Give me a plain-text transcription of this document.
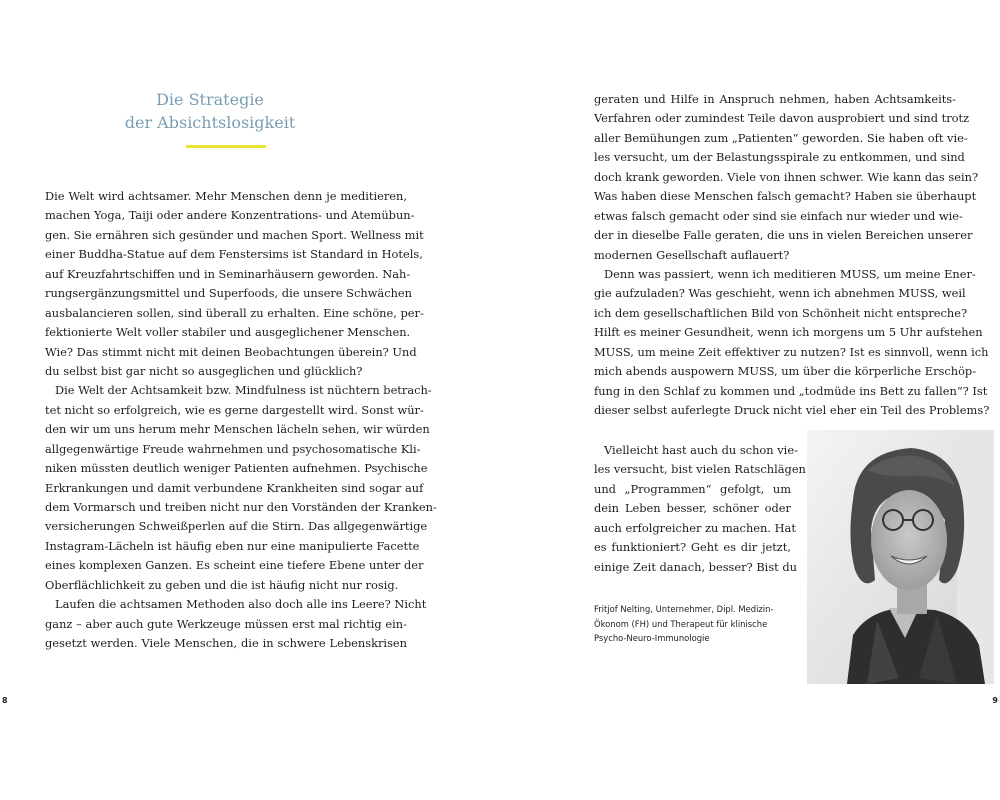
Die Strategie
der Absichtslosigkeit
Die Welt wird achtsamer. Mehr Menschen denn je meditieren,
machen Yoga, Taiji oder andere Konzentrations- und Atemübun-
gen. Sie ernähren sich gesünder und machen Sport. Wellness mit
einer Buddha-Statue auf dem Fenstersims ist Standard in Hotels,
auf Kreuzfahrtschiffen und in Seminarhäusern geworden. Nah-
rungsergänzungsmittel und Superfoods, die unsere Schwächen
ausbalancieren sollen, sind überall zu erhalten. Eine schöne, per-
fektionierte Welt voller stabiler und ausgeglichener Menschen.
Wie? Das stimmt nicht mit deinen Beobachtungen überein? Und
du selbst bist gar nicht so ausgeglichen und glücklich?
Die Welt der Achtsamkeit bzw. Mindfulness ist nüchtern betrach-
tet nicht so erfolgreich, wie es gerne dargestellt wird. Sonst wür-
den wir um uns herum mehr Menschen lächeln sehen, wir würden
allgegenwärtige Freude wahrnehmen und psychosomatische Kli-
niken müssten deutlich weniger Patienten aufnehmen. Psychische
Erkrankungen und damit verbundene Krankheiten sind sogar auf
dem Vormarsch und treiben nicht nur den Vorständen der Kranken-
versicherungen Schweißperlen auf die Stirn. Das allgegenwärtige
Instagram-Lächeln ist häufig eben nur eine manipulierte Facette
eines komplexen Ganzen. Es scheint eine tiefere Ebene unter der
Oberflächlichkeit zu geben und die ist häufig nicht nur rosig.
Laufen die achtsamen Methoden also doch alle ins Leere? Nicht
ganz – aber auch gute Werkzeuge müssen erst mal richtig ein-
gesetzt werden. Viele Menschen, die in schwere Lebenskrisen
8
geraten und Hilfe in Anspruch nehmen, haben Achtsamkeits-
Verfahren oder zumindest Teile davon ausprobiert und sind trotz
aller Bemühungen zum „Patienten“ geworden. Sie haben oft vie-
les versucht, um der Belastungsspirale zu entkommen, und sind
doch krank geworden. Viele von ihnen schwer. Wie kann das sein?
Was haben diese Menschen falsch gemacht? Haben sie überhaupt
etwas falsch gemacht oder sind sie einfach nur wieder und wie-
der in dieselbe Falle geraten, die uns in vielen Bereichen unserer
modernen Gesellschaft auflauert?
Denn was passiert, wenn ich meditieren MUSS, um meine Ener-
gie aufzuladen? Was geschieht, wenn ich abnehmen MUSS, weil
ich dem gesellschaftlichen Bild von Schönheit nicht entspreche?
Hilft es meiner Gesundheit, wenn ich morgens um 5 Uhr aufstehen
MUSS, um meine Zeit effektiver zu nutzen? Ist es sinnvoll, wenn ich
mich abends auspowern MUSS, um über die körperliche Erschöp-
fung in den Schlaf zu kommen und „todmüde ins Bett zu fallen“? Ist
dieser selbst auferlegte Druck nicht viel eher ein Teil des Problems?
Vielleicht hast auch du schon vie-
les versucht, bist vielen Ratschlägen
und „Programmen“ gefolgt, um
dein Leben besser, schöner oder
auch erfolgreicher zu machen. Hat
es funktioniert? Geht es dir jetzt,
einige Zeit danach, besser? Bist du
Fritjof Nelting, Unternehmer, Dipl. Medizin-
Ökonom (FH) und Therapeut für klinische
Psycho-Neuro-Immunologie
9
